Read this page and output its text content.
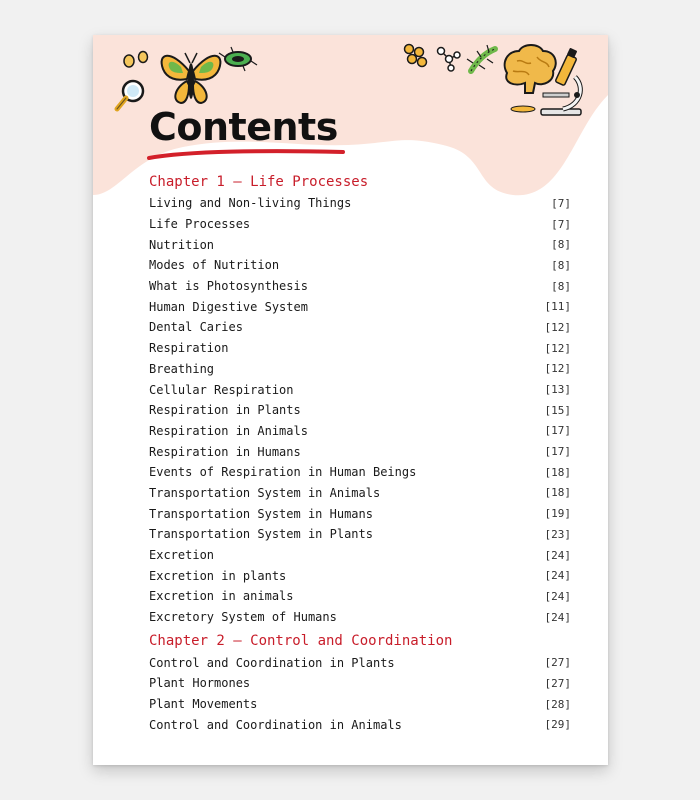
Contents
Chapter 1 – Life Processes
Living and Non-living Things	[7]
Life Processes	[7]
Nutrition	[8]
Modes of Nutrition	[8]
What is Photosynthesis	[8]
Human Digestive System	[11]
Dental Caries	[12]
Respiration	[12]
Breathing	[12]
Cellular Respiration	[13]
Respiration in Plants	[15]
Respiration in Animals	[17]
Respiration in Humans	[17]
Events of Respiration in Human Beings	[18]
Transportation System in Animals	[18]
Transportation System in Humans	[19]
Transportation System in Plants	[23]
Excretion	[24]
Excretion in plants	[24]
Excretion in animals	[24]
Excretory System of Humans	[24]
Chapter 2 – Control and Coordination
Control and Coordination in Plants	[27]
Plant Hormones	[27]
Plant Movements	[28]
Control and Coordination in Animals	[29]
